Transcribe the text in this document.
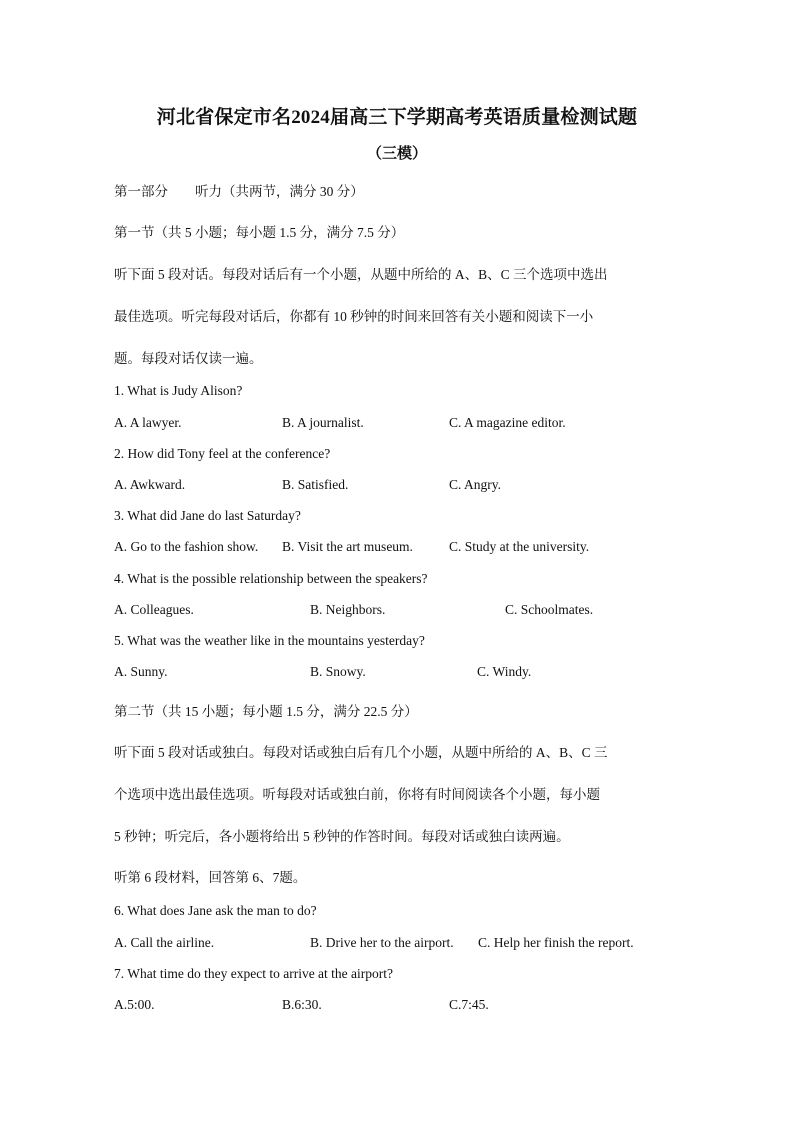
河北省保定市名2024届高三下学期高考英语质量检测试题
（三模）
第一部分　　听力（共两节，满分 30 分）
第一节（共 5 小题；每小题 1.5 分，满分 7.5 分）
听下面 5 段对话。每段对话后有一个小题，从题中所给的 A、B、C 三个选项中选出
最佳选项。听完每段对话后，你都有 10 秒钟的时间来回答有关小题和阅读下一小
题。每段对话仅读一遍。
1. What is Judy Alison?
A. A lawyer.	B. A journalist.	C. A magazine editor.
2. How did Tony feel at the conference?
A. Awkward.	B. Satisfied.	C. Angry.
3. What did Jane do last Saturday?
A. Go to the fashion show. B. Visit the art museum.	C. Study at the university.
4. What is the possible relationship between the speakers?
A. Colleagues.	B. Neighbors.	C. Schoolmates.
5. What was the weather like in the mountains yesterday?
A. Sunny.	B. Snowy.	C. Windy.
第二节（共 15 小题；每小题 1.5 分，满分 22.5 分）
听下面 5 段对话或独白。每段对话或独白后有几个小题，从题中所给的 A、B、C 三
个选项中选出最佳选项。听每段对话或独白前，你将有时间阅读各个小题，每小题
5 秒钟；听完后，各小题将给出 5 秒钟的作答时间。每段对话或独白读两遍。
听第 6 段材料，回答第 6、7题。
6. What does Jane ask the man to do?
A. Call the airline.	B. Drive her to the airport. C. Help her finish the report.
7. What time do they expect to arrive at the airport?
A.5:00.	B.6:30.	C.7:45.
